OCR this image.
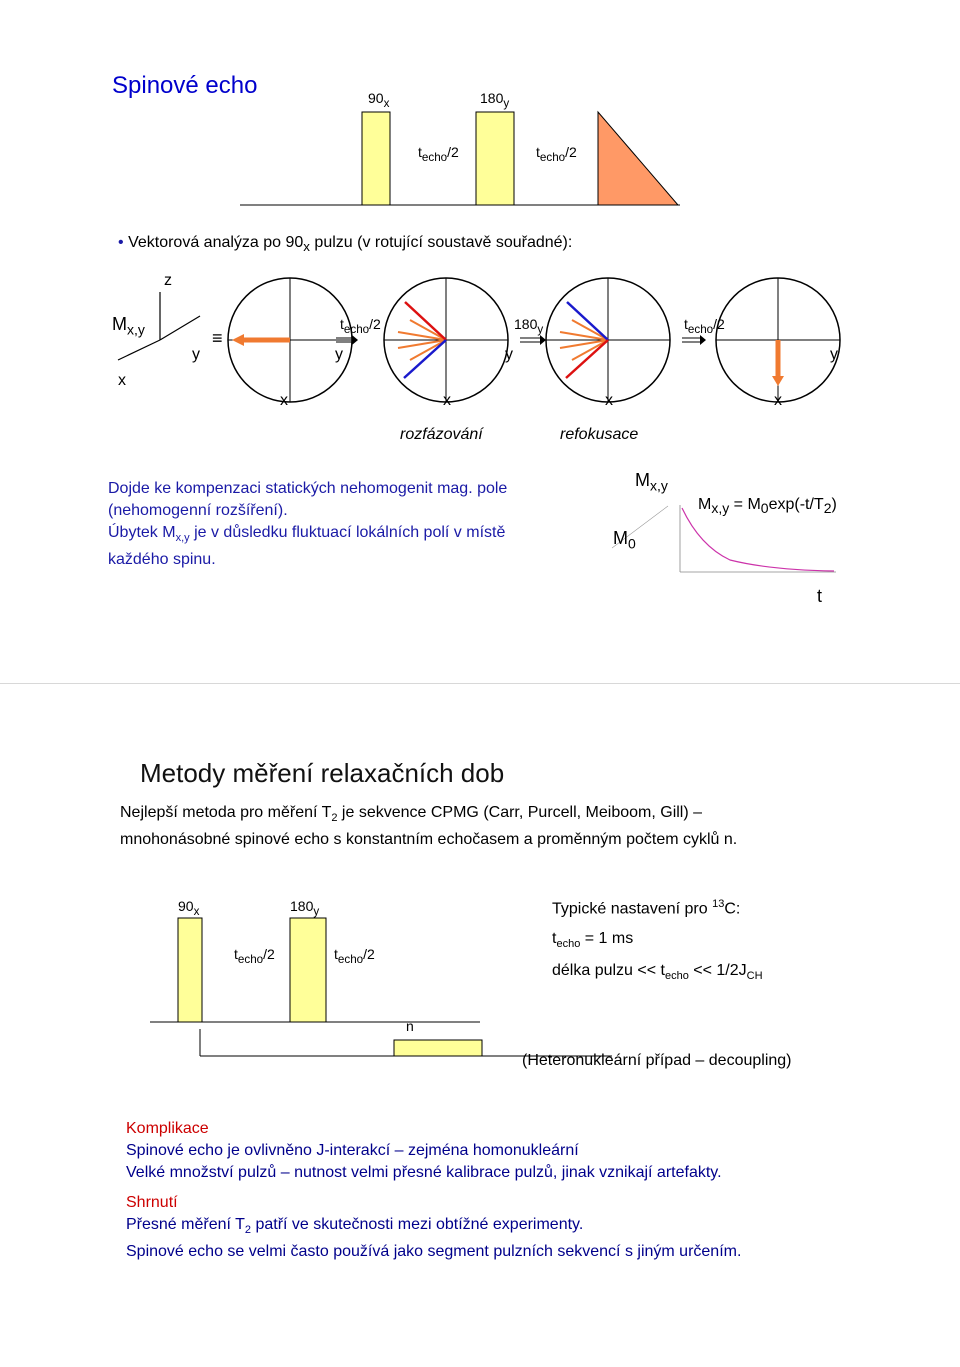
Spinové echo	$90_x$	$180_y$
$t_{echo}/2$	$t_{echo}/2$
• Vektorová analýza po $90_x$ pulzu (v rotující soustavě souřadné):
z
$M_{x,y}$
y
x
≡
y	y	y
x	x	x	x
$t_{echo}/2$	$180_y$	$t_{echo}/2$
rozfázování	refokusace
Dojde ke kompenzaci statických nehomogenit mag. pole
(nehomogenní rozšíření).
Úbytek $M_{x,y}$ je v důsledku fluktuací lokálních polí v místě
každého spinu.
$M_{x,y}$
$M_0$
$M_{x,y} = M_0\exp(-t/T_2)$
t
Metody měření relaxačních dob
Nejlepší metoda pro měření $T_2$ je sekvence CPMG (Carr, Purcell, Meiboom, Gill) –
mnohonásobné spinové echo s konstantním echočasem a proměnným počtem cyklů n.
$90_x$	$180_y$
$t_{echo}/2$	$t_{echo}/2$
n
Typické nastavení pro $^{13}$C:
$t_{echo} = 1$ ms
délka pulzu << $t_{echo} << 1/2J_{CH}$
(Heteronukleární případ – decoupling)
Komplikace
Spinové echo je ovlivněno J-interakcí – zejména homonukleární
Velké množství pulzů – nutnost velmi přesné kalibrace pulzů, jinak vznikají artefakty.
Shrnutí
Přesné měření $T_2$ patří ve skutečnosti mezi obtížné experimenty.
Spinové echo se velmi často používá jako segment pulzních sekvencí s jiným určením.
